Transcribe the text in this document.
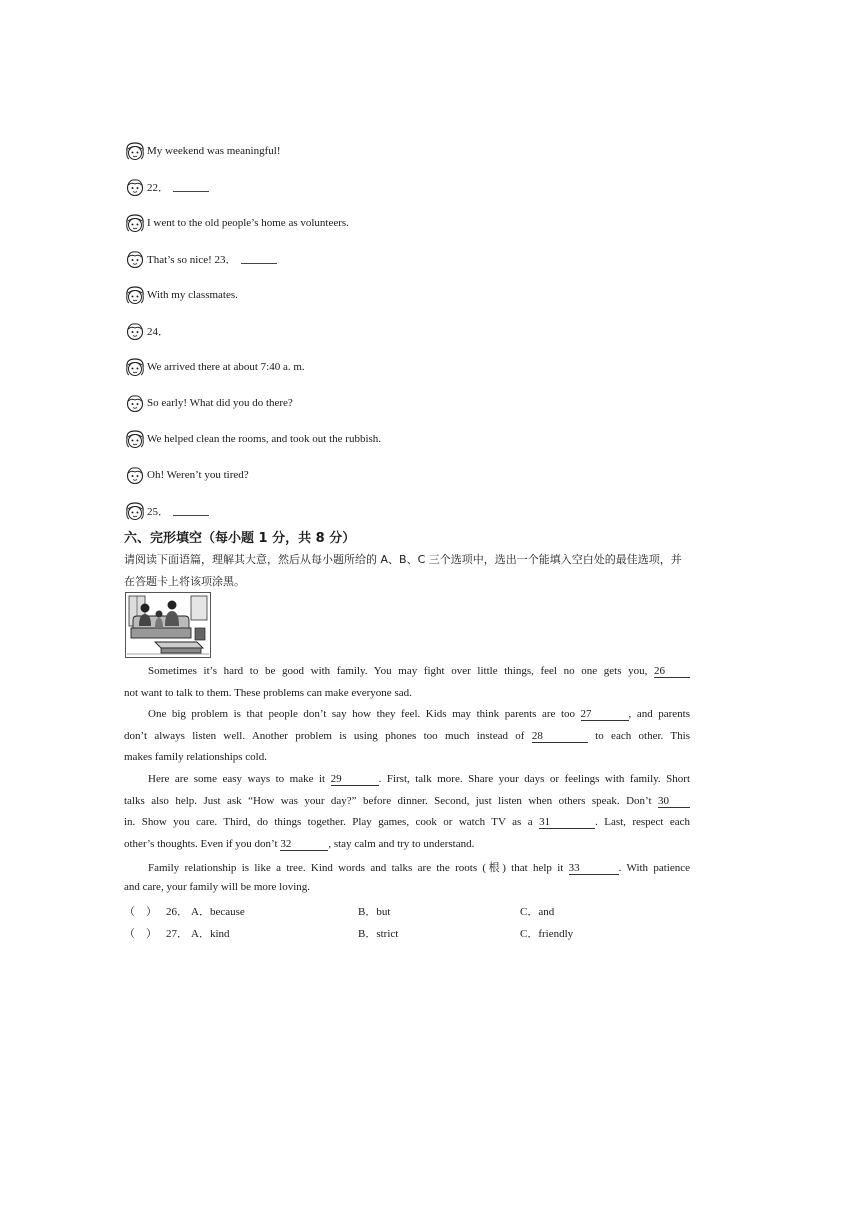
My weekend was meaningful!
22．
I went to the old people’s home as volunteers.
That’s so nice! 23．
With my classmates.
24．
We arrived there at about 7:40 a. m.
So early! What did you do there?
We helped clean the rooms, and took out the rubbish.
Oh! Weren’t you tired?
25．
六、完形填空（每小题 1 分，共 8 分）
请阅读下面语篇，理解其大意，然后从每小题所给的 A、B、C 三个选项中，选出一个能填入空白处的最佳选项，并在答题卡上将该项涂黑。
Sometimes it’s hard to be good with family. You may fight over little things, feel no one gets you, 26
not want to talk to them. These problems can make everyone sad.
One big problem is that people don’t say how they feel. Kids may think parents are too 27	, and parents
don’t always listen well. Another problem is using phones too much instead of 28	to each other. This
makes family relationships cold.
Here are some easy ways to make it 29	. First, talk more. Share your days or feelings with family. Short
talks also help. Just ask “How was your day?” before dinner. Second, just listen when others speak. Don’t 30
in. Show you care. Third, do things together. Play games, cook or watch TV as a 31	. Last, respect each
other’s thoughts. Even if you don’t 32	, stay calm and try to understand.
Family relationship is like a tree. Kind words and talks are the roots (根) that help it 33	. With patience
and care, your family will be more loving.
（　） 26． A．because	B．but	C．and
（　） 27． A．kind	B．strict	C．friendly
